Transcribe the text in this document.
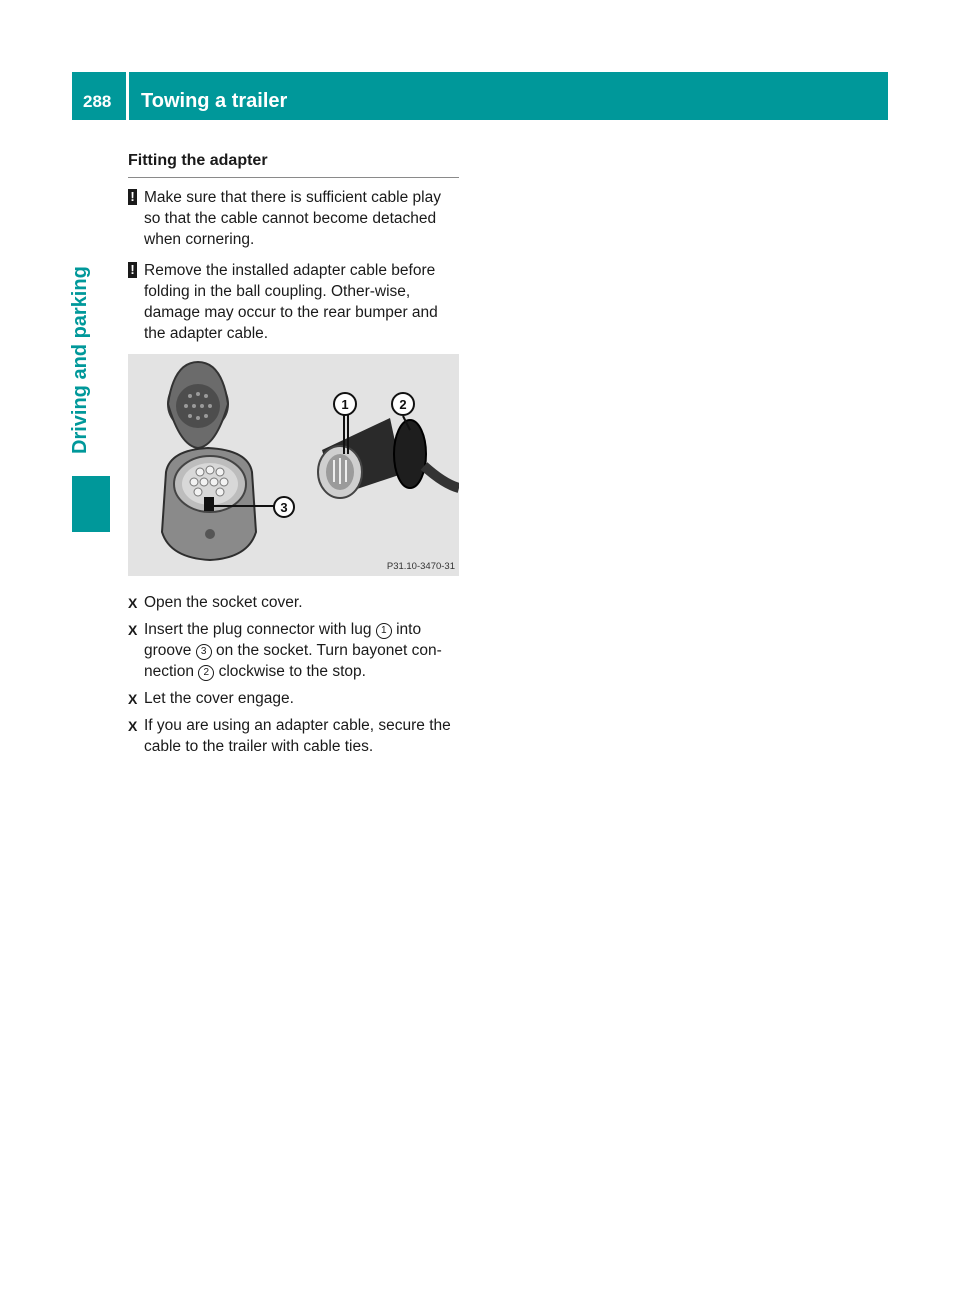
288 Towing a trailer
Driving and parking
Fitting the adapter
! Make sure that there is sufficient cable play so that the cable cannot become detached when cornering.
! Remove the installed adapter cable before folding in the ball coupling. Other-wise, damage may occur to the rear bumper and the adapter cable.
3
1	2
P31.10-3470-31
X Open the socket cover.
X Insert the plug connector with lug 1 into groove 3 on the socket. Turn bayonet con-nection 2 clockwise to the stop.
X Let the cover engage.
X If you are using an adapter cable, secure the cable to the trailer with cable ties.
